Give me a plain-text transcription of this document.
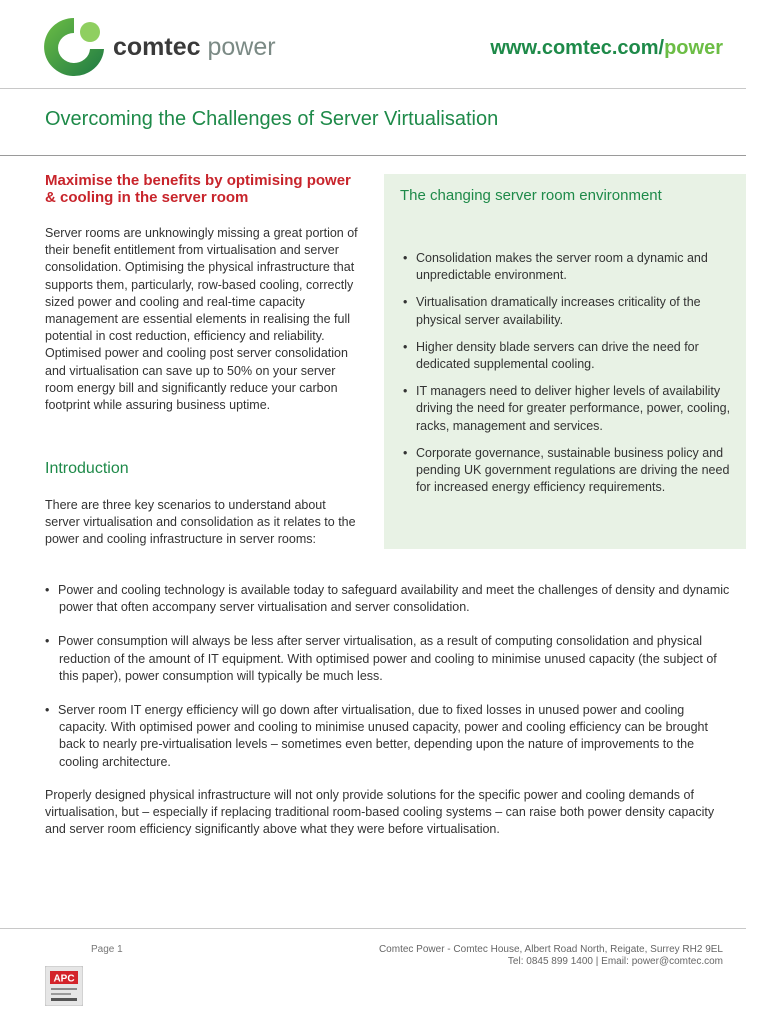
comtec power	www.comtec.com/power
Overcoming the Challenges of Server Virtualisation
Maximise the benefits by optimising power & cooling in the server room
Server rooms are unknowingly missing a great portion of their benefit entitlement from virtualisation and server consolidation. Optimising the physical infrastructure that supports them, particularly, row-based cooling, correctly sized power and cooling and real-time capacity management are essential elements in realising the full potential in cost reduction, efficiency and reliability. Optimised power and cooling post server consolidation and virtualisation can save up to 50% on your server room energy bill and significantly reduce your carbon footprint while assuring business uptime.
Introduction
There are three key scenarios to understand about server virtualisation and consolidation as it relates to the power and cooling infrastructure in server rooms:
The changing server room environment
• Consolidation makes the server room a dynamic and unpredictable environment.
• Virtualisation dramatically increases criticality of the physical server availability.
• Higher density blade servers can drive the need for dedicated supplemental cooling.
• IT managers need to deliver higher levels of availability driving the need for greater performance, power, cooling, racks, management and services.
• Corporate governance, sustainable business policy and pending UK government regulations are driving the need for increased energy efficiency requirements.
• Power and cooling technology is available today to safeguard availability and meet the challenges of density and dynamic power that often accompany server virtualisation and server consolidation.
• Power consumption will always be less after server virtualisation, as a result of computing consolidation and physical reduction of the amount of IT equipment. With optimised power and cooling to minimise unused capacity (the subject of this paper), power consumption will typically be much less.
• Server room IT energy efficiency will go down after virtualisation, due to fixed losses in unused power and cooling capacity. With optimised power and cooling to minimise unused capacity, power and cooling efficiency can be brought back to nearly pre-virtualisation levels – sometimes even better, depending upon the nature of improvements to the cooling architecture.
Properly designed physical infrastructure will not only provide solutions for the specific power and cooling demands of virtualisation, but – especially if replacing traditional room-based cooling systems – can raise both power density capacity and server room efficiency significantly above what they were before virtualisation.
APC
Page 1	Comtec Power - Comtec House, Albert Road North, Reigate, Surrey RH2 9EL
Tel: 0845 899 1400 | Email: power@comtec.com
